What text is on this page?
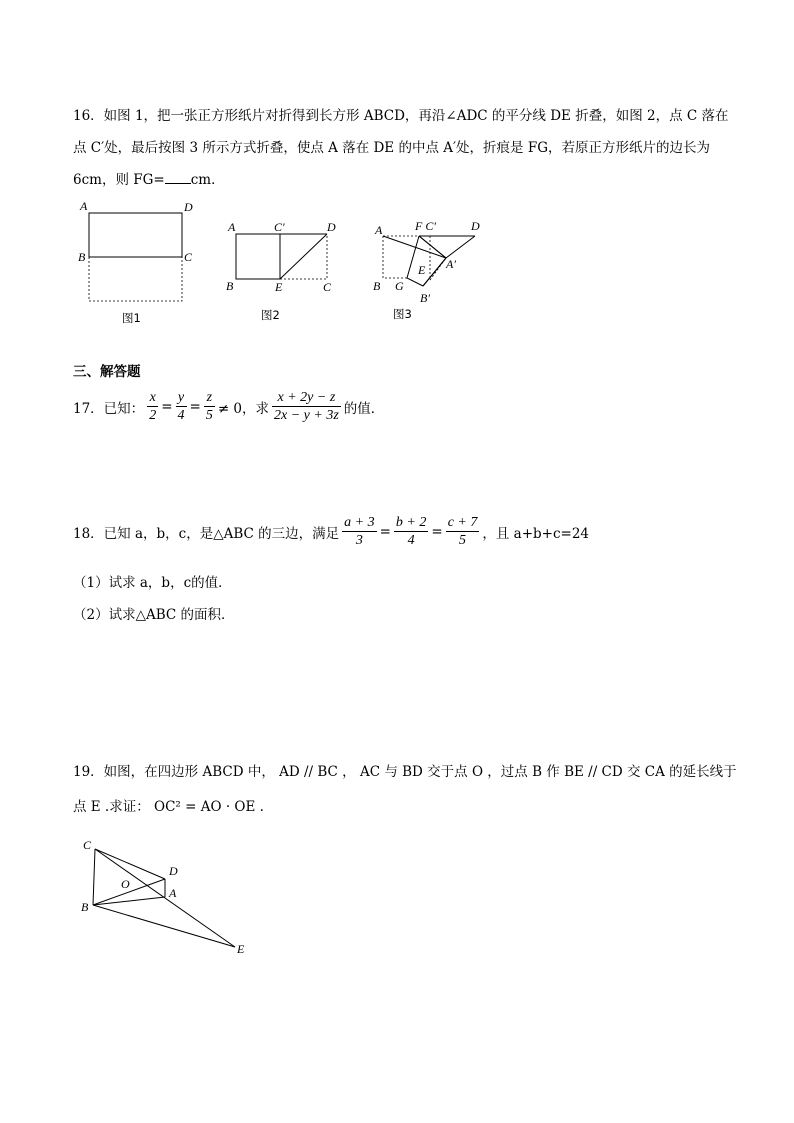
16．如图 1，把一张正方形纸片对折得到长方形 ABCD，再沿∠ADC 的平分线 DE 折叠，如图 2，点 C 落在
点 C′处，最后按图 3 所示方式折叠，使点 A 落在 DE 的中点 A′处，折痕是 FG，若原正方形纸片的边长为
6cm，则 FG= cm．
A	D
B	C
图1
A	C′	D
B	E	C
图2
A	F C′	D
E A′
B G
B′
图3
三、解答题
17．已知： $\frac{x}{2} = \frac{y}{4} = \frac{z}{5} \ne 0$，求 $\frac{x + 2y - z}{2x - y + 3z}$ 的值．
18．已知 a，b，c，是△ABC 的三边，满足 $\frac{a + 3}{3} = \frac{b + 2}{4} = \frac{c + 7}{5}$ ，且 a+b+c=24
（1）试求 a，b，c的值．
（2）试求△ABC 的面积．
19．如图，在四边形 ABCD 中， AD // BC ， AC 与 BD 交于点 O ，过点 B 作 BE // CD 交 CA 的延长线于
点 E .求证： OC² = AO · OE .
C
D
O
A
B
E
